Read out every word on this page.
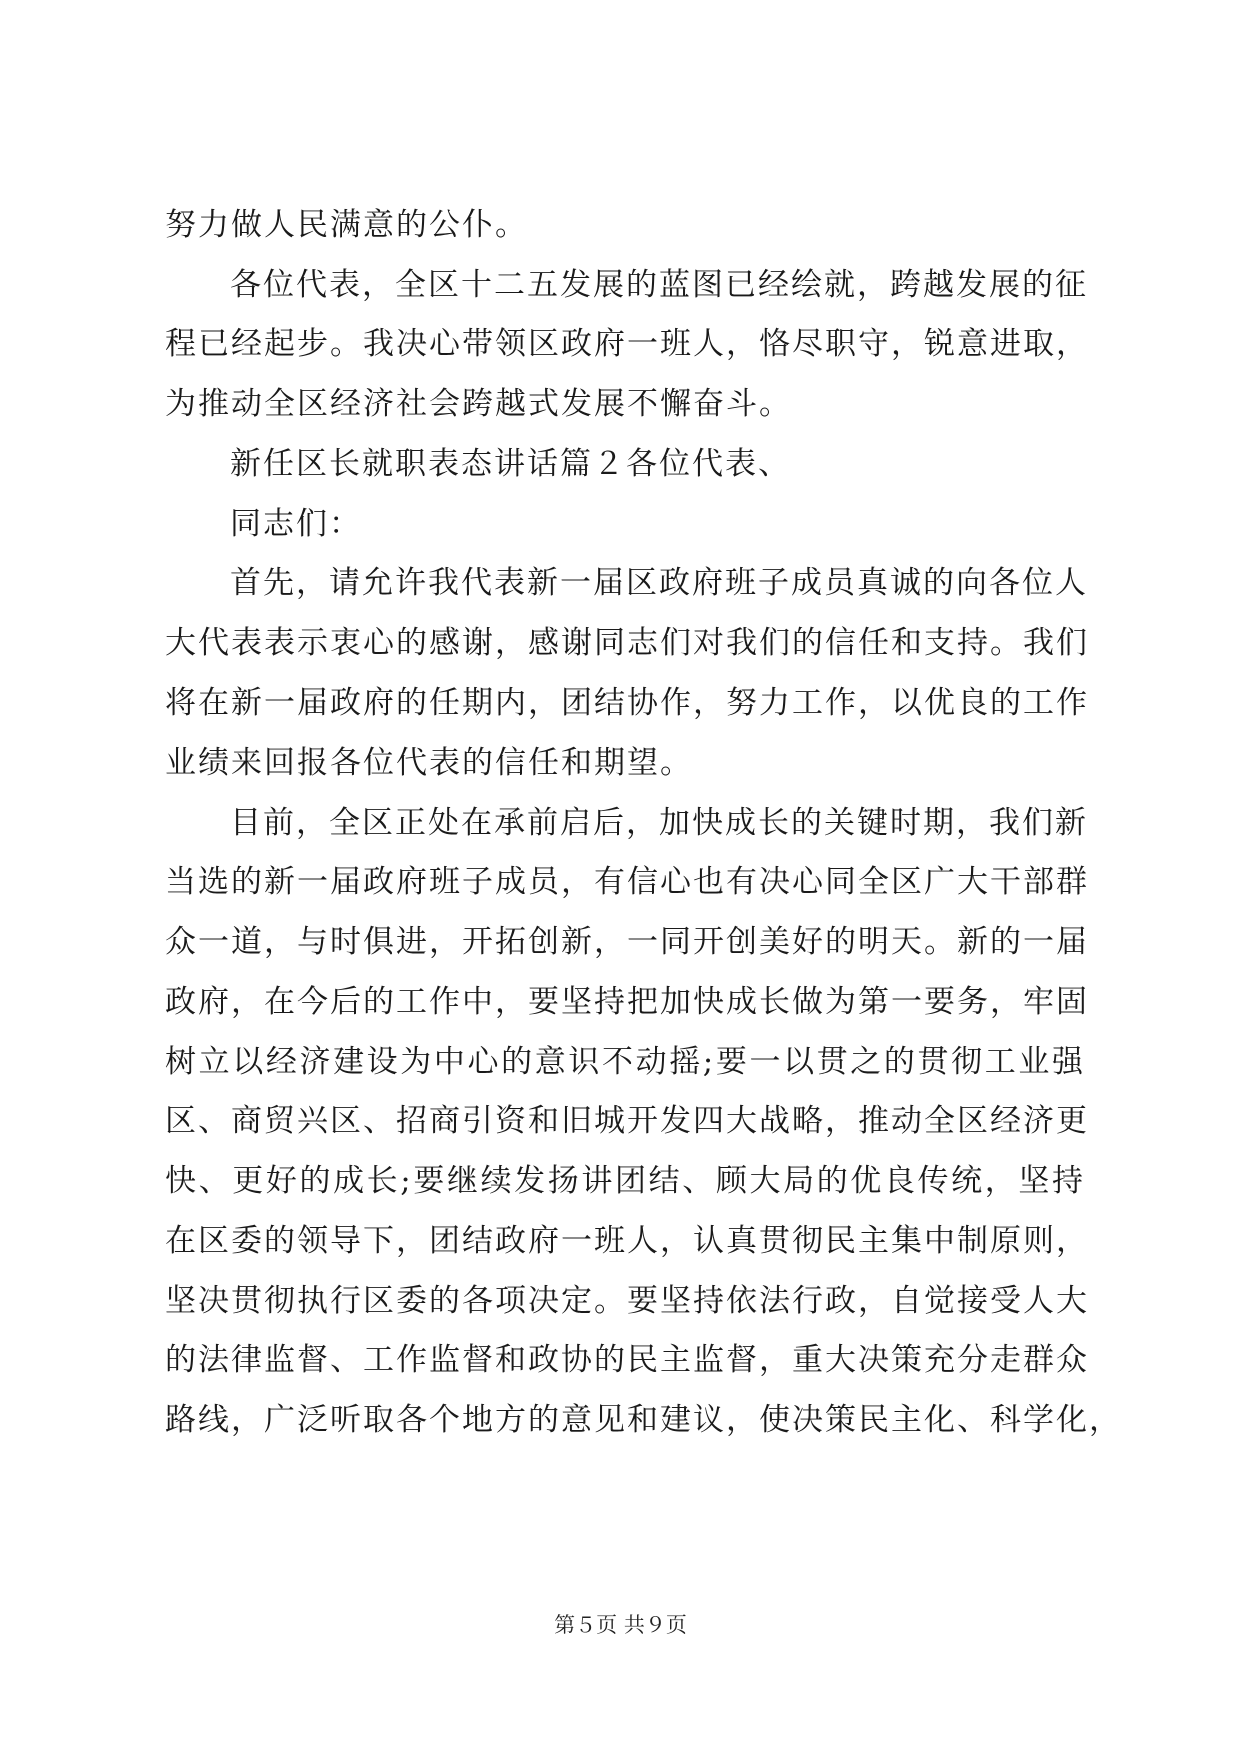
努力做人民满意的公仆。
各位代表，全区十二五发展的蓝图已经绘就，跨越发展的征
程已经起步。我决心带领区政府一班人，恪尽职守，锐意进取，
为推动全区经济社会跨越式发展不懈奋斗。
新任区长就职表态讲话篇２各位代表、
同志们：
首先，请允许我代表新一届区政府班子成员真诚的向各位人
大代表表示衷心的感谢，感谢同志们对我们的信任和支持。我们
将在新一届政府的任期内，团结协作，努力工作，以优良的工作
业绩来回报各位代表的信任和期望。
目前，全区正处在承前启后，加快成长的关键时期，我们新
当选的新一届政府班子成员，有信心也有决心同全区广大干部群
众一道，与时俱进，开拓创新，一同开创美好的明天。新的一届
政府，在今后的工作中，要坚持把加快成长做为第一要务，牢固
树立以经济建设为中心的意识不动摇;要一以贯之的贯彻工业强
区、商贸兴区、招商引资和旧城开发四大战略，推动全区经济更
快、更好的成长;要继续发扬讲团结、顾大局的优良传统，坚持
在区委的领导下，团结政府一班人，认真贯彻民主集中制原则，
坚决贯彻执行区委的各项决定。要坚持依法行政，自觉接受人大
的法律监督、工作监督和政协的民主监督，重大决策充分走群众
路线，广泛听取各个地方的意见和建议，使决策民主化、科学化，
第５页 共９页
